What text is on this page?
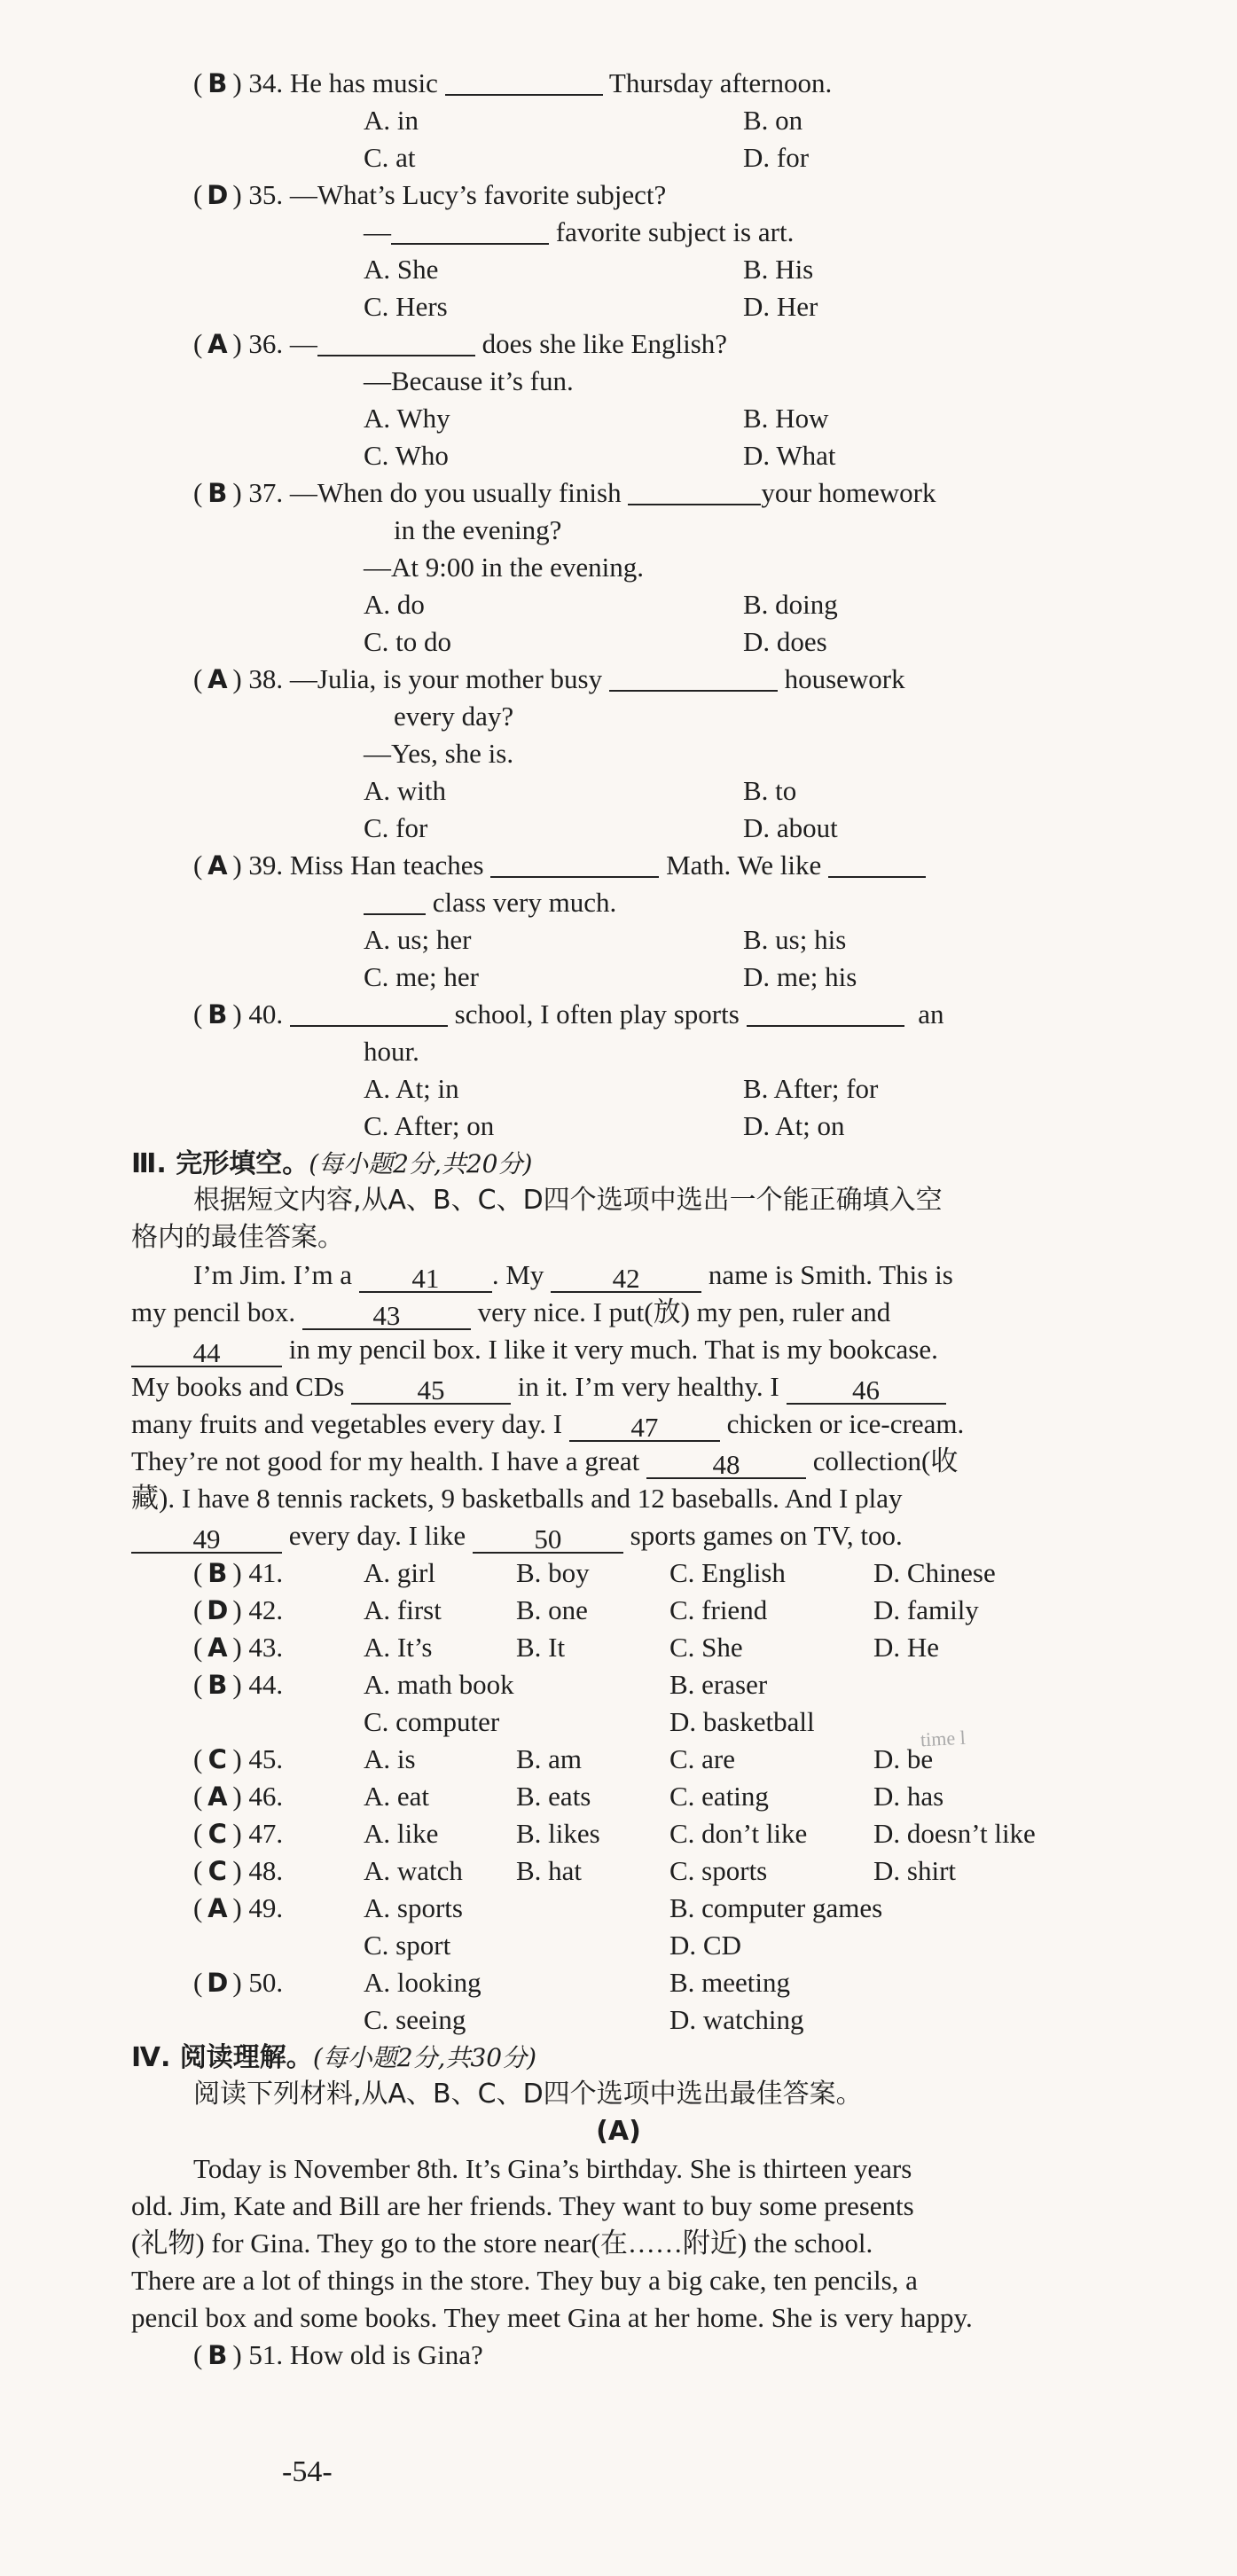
( B ) 34. He has music	Thursday afternoon.
A. in	B. on
C. at	D. for
( D ) 35. —What’s Lucy’s favorite subject?
—	favorite subject is art.
A. She	B. His
C. Hers	D. Her
( A ) 36. —	does she like English?
—Because it’s fun.
A. Why	B. How
C. Who	D. What
( B ) 37. —When do you usually finish	your homework
in the evening?
—At 9:00 in the evening.
A. do	B. doing
C. to do	D. does
( A ) 38. —Julia, is your mother busy	housework
every day?
—Yes, she is.
A. with	B. to
C. for	D. about
( A ) 39. Miss Han teaches	Math. We like
class very much.
A. us; her	B. us; his
C. me; her	D. me; his
( B ) 40.	school, I often play sports	an
hour.
A. At; in	B. After; for
C. After; on	D. At; on
Ⅲ. 完形填空。(每小题2分,共20分)
根据短文内容,从A、B、C、D四个选项中选出一个能正确填入空
格内的最佳答案。
I’m Jim. I’m a 41 . My 42 name is Smith. This is
my pencil box.	43	very nice. I put(放) my pen, ruler and
44 in my pencil box. I like it very much. That is my bookcase.
My books and CDs	45	in it. I’m very healthy. I	46
many fruits and vegetables every day. I 47 chicken or ice-cream.
They’re not good for my health. I have a great	48	collection(收
藏). I have 8 tennis rackets, 9 basketballs and 12 baseballs. And I play
49 every day. I like 50 sports games on TV, too.
( B ) 41.	A. girl	B. boy	C. English	D. Chinese
( D ) 42.	A. first	B. one	C. friend	D. family
( A ) 43.	A. It’s	B. It	C. She	D. He
( B ) 44.	A. math book	B. eraser
C. computer	D. basketball
( C ) 45.	A. is	B. am	C. are	D. be
( A ) 46.	A. eat	B. eats	C. eating	D. has
( C ) 47.	A. like	B. likes	C. don’t like D. doesn’t like
( C ) 48.	A. watch B. hat	C. sports	D. shirt
( A ) 49.	A. sports	B. computer games
C. sport	D. CD
( D ) 50.	A. looking	B. meeting
C. seeing	D. watching
time l
Ⅳ. 阅读理解。(每小题2分,共30分)
阅读下列材料,从A、B、C、D四个选项中选出最佳答案。
(A)
Today is November 8th. It’s Gina’s birthday. She is thirteen years
old. Jim, Kate and Bill are her friends. They want to buy some presents
(礼物) for Gina. They go to the store near(在……附近) the school.
There are a lot of things in the store. They buy a big cake, ten pencils, a
pencil box and some books. They meet Gina at her home. She is very happy.
( B ) 51. How old is Gina?
-54-
